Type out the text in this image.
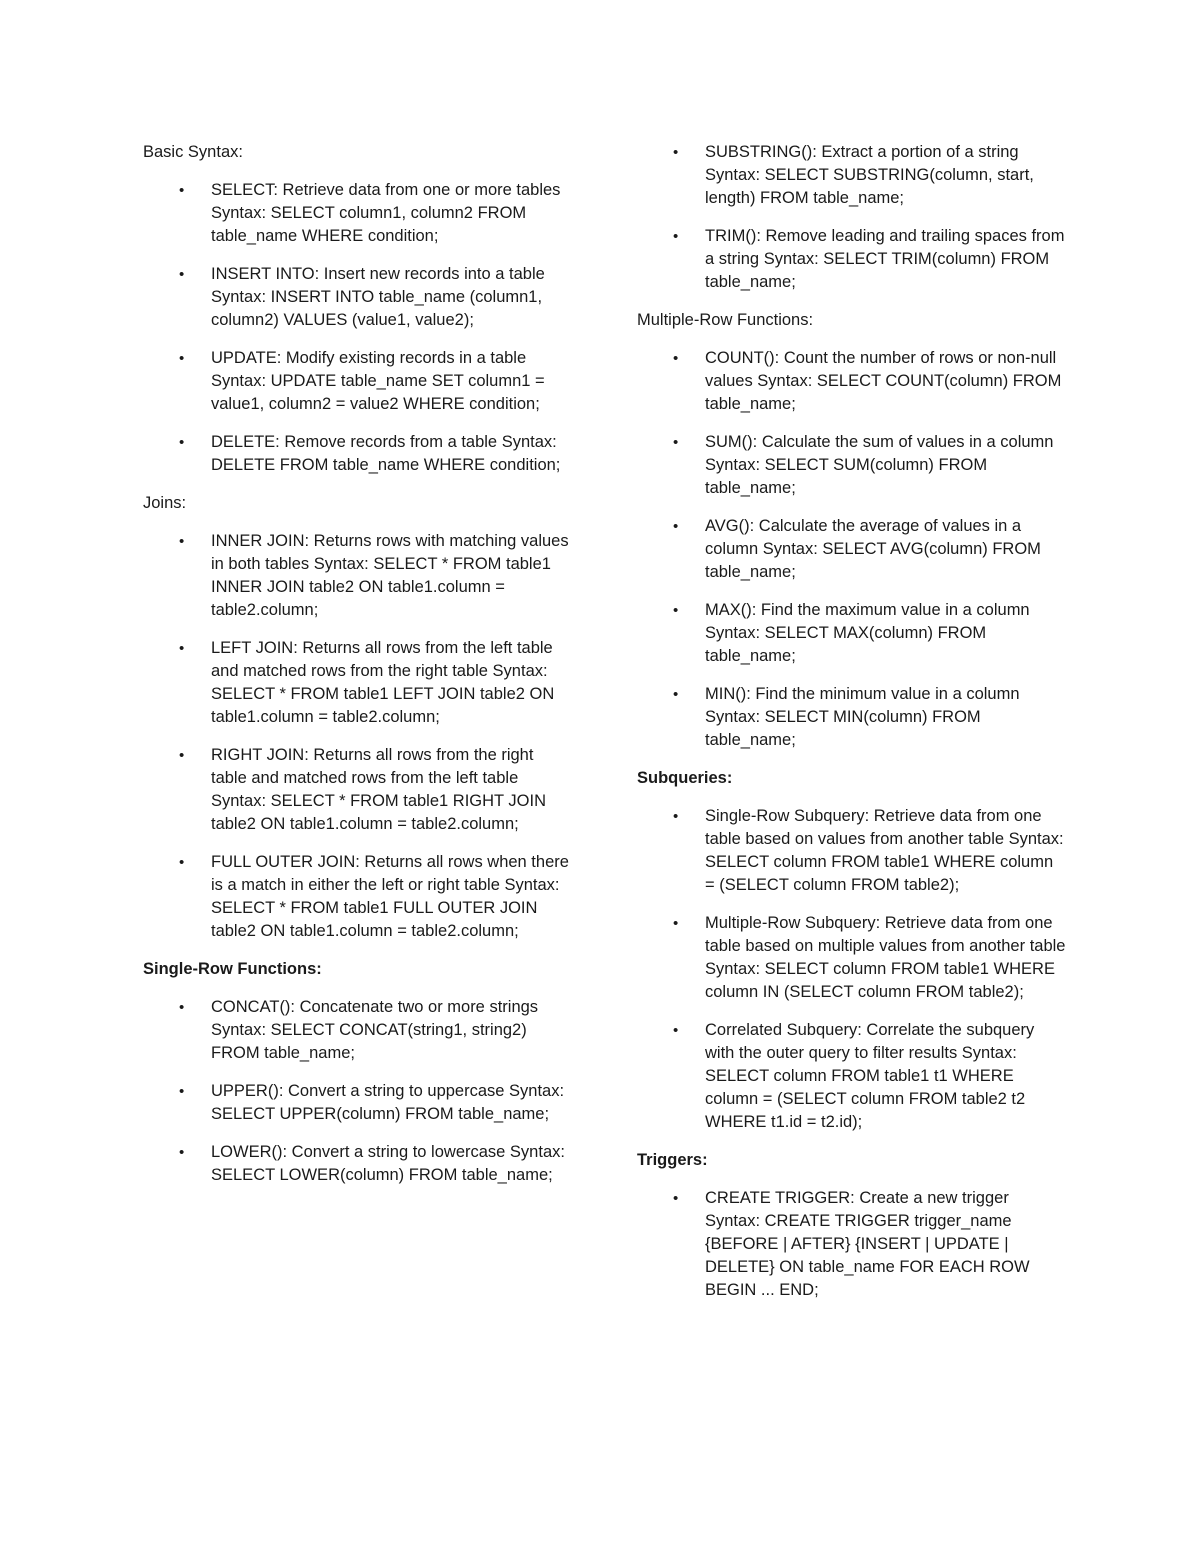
Basic Syntax:
• SELECT: Retrieve data from one or more tables Syntax: SELECT column1, column2 FROM table_name WHERE condition;
• INSERT INTO: Insert new records into a table Syntax: INSERT INTO table_name (column1, column2) VALUES (value1, value2);
• UPDATE: Modify existing records in a table Syntax: UPDATE table_name SET column1 = value1, column2 = value2 WHERE condition;
• DELETE: Remove records from a table Syntax: DELETE FROM table_name WHERE condition;
Joins:
• INNER JOIN: Returns rows with matching values in both tables Syntax: SELECT * FROM table1 INNER JOIN table2 ON table1.column = table2.column;
• LEFT JOIN: Returns all rows from the left table and matched rows from the right table Syntax: SELECT * FROM table1 LEFT JOIN table2 ON table1.column = table2.column;
• RIGHT JOIN: Returns all rows from the right table and matched rows from the left table Syntax: SELECT * FROM table1 RIGHT JOIN table2 ON table1.column = table2.column;
• FULL OUTER JOIN: Returns all rows when there is a match in either the left or right table Syntax: SELECT * FROM table1 FULL OUTER JOIN table2 ON table1.column = table2.column;
Single-Row Functions:
• CONCAT(): Concatenate two or more strings Syntax: SELECT CONCAT(string1, string2) FROM table_name;
• UPPER(): Convert a string to uppercase Syntax: SELECT UPPER(column) FROM table_name;
• LOWER(): Convert a string to lowercase Syntax: SELECT LOWER(column) FROM table_name;
• SUBSTRING(): Extract a portion of a string Syntax: SELECT SUBSTRING(column, start, length) FROM table_name;
• TRIM(): Remove leading and trailing spaces from a string Syntax: SELECT TRIM(column) FROM table_name;
Multiple-Row Functions:
• COUNT(): Count the number of rows or non-null values Syntax: SELECT COUNT(column) FROM table_name;
• SUM(): Calculate the sum of values in a column Syntax: SELECT SUM(column) FROM table_name;
• AVG(): Calculate the average of values in a column Syntax: SELECT AVG(column) FROM table_name;
• MAX(): Find the maximum value in a column Syntax: SELECT MAX(column) FROM table_name;
• MIN(): Find the minimum value in a column Syntax: SELECT MIN(column) FROM table_name;
Subqueries:
• Single-Row Subquery: Retrieve data from one table based on values from another table Syntax: SELECT column FROM table1 WHERE column = (SELECT column FROM table2);
• Multiple-Row Subquery: Retrieve data from one table based on multiple values from another table Syntax: SELECT column FROM table1 WHERE column IN (SELECT column FROM table2);
• Correlated Subquery: Correlate the subquery with the outer query to filter results Syntax: SELECT column FROM table1 t1 WHERE column = (SELECT column FROM table2 t2 WHERE t1.id = t2.id);
Triggers:
• CREATE TRIGGER: Create a new trigger Syntax: CREATE TRIGGER trigger_name {BEFORE | AFTER} {INSERT | UPDATE | DELETE} ON table_name FOR EACH ROW BEGIN ... END;
